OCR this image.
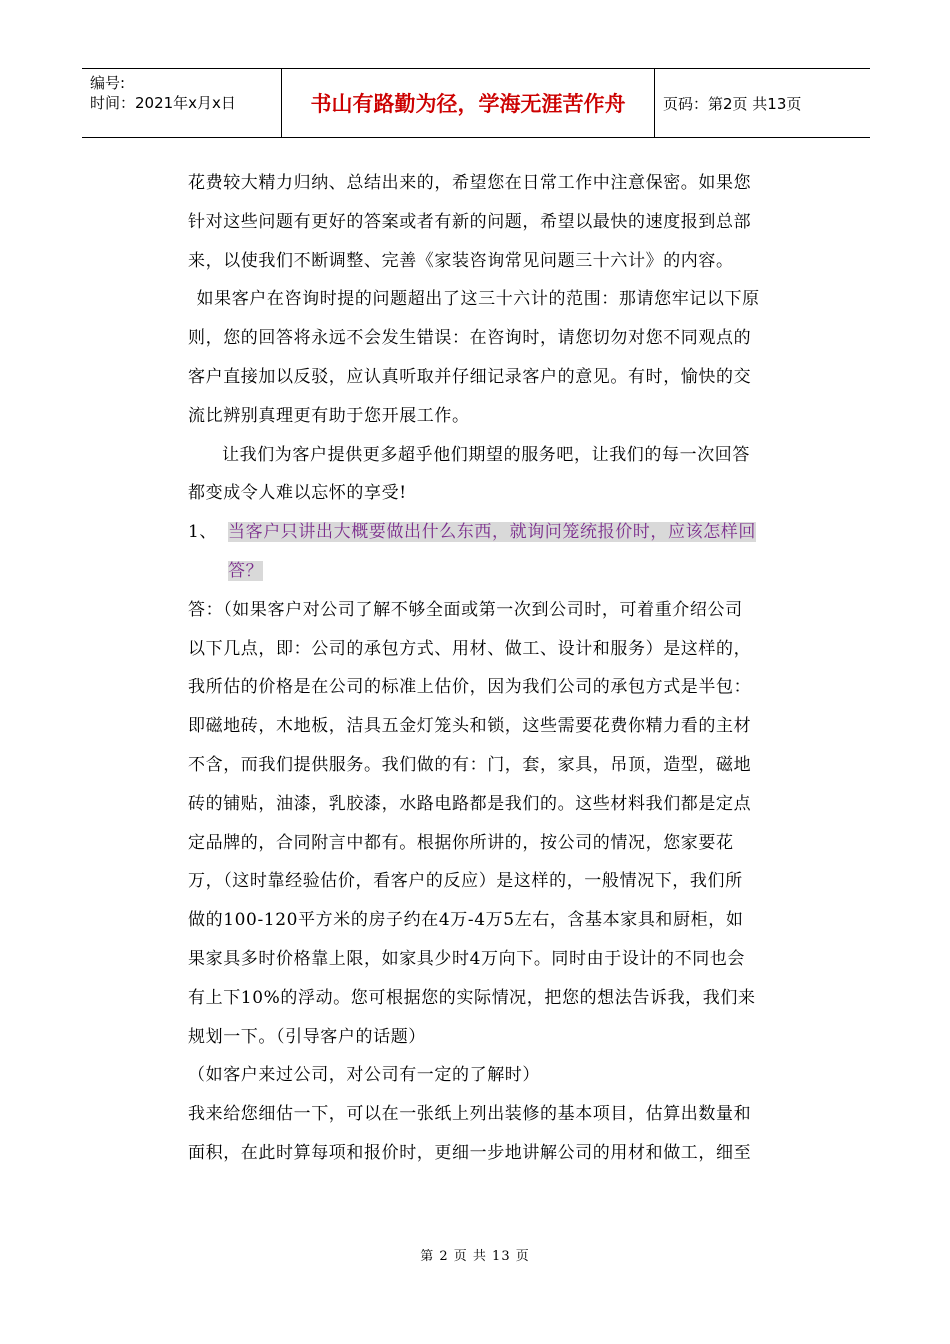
编号:
时间：2021年x月x日	书山有路勤为径，学海无涯苦作舟	页码：第2页 共13页

花费较大精力归纳、总结出来的，希望您在日常工作中注意保密。如果您
针对这些问题有更好的答案或者有新的问题，希望以最快的速度报到总部
来，以使我们不断调整、完善《家装咨询常见问题三十六计》的内容。

如果客户在咨询时提的问题超出了这三十六计的范围：那请您牢记以下原
则，您的回答将永远不会发生错误：在咨询时，请您切勿对您不同观点的
客户直接加以反驳，应认真听取并仔细记录客户的意见。有时，愉快的交
流比辨别真理更有助于您开展工作。

让我们为客户提供更多超乎他们期望的服务吧，让我们的每一次回答
都变成令人难以忘怀的享受!

1、 当客户只讲出大概要做出什么东西，就询问笼统报价时，应该怎样回
答？

答：（如果客户对公司了解不够全面或第一次到公司时，可着重介绍公司
以下几点，即：公司的承包方式、用材、做工、设计和服务）是这样的，
我所估的价格是在公司的标准上估价，因为我们公司的承包方式是半包：
即磁地砖，木地板，洁具五金灯笼头和锁，这些需要花费你精力看的主材
不含，而我们提供服务。我们做的有：门，套，家具，吊顶，造型，磁地
砖的铺贴，油漆，乳胶漆，水路电路都是我们的。这些材料我们都是定点
定品牌的，合同附言中都有。根据你所讲的，按公司的情况，您家要花
万，（这时靠经验估价，看客户的反应）是这样的，一般情况下，我们所
做的100-120平方米的房子约在4万-4万5左右，含基本家具和厨柜，如
果家具多时价格靠上限，如家具少时4万向下。同时由于设计的不同也会
有上下10%的浮动。您可根据您的实际情况，把您的想法告诉我，我们来
规划一下。（引导客户的话题）
（如客户来过公司，对公司有一定的了解时）
我来给您细估一下，可以在一张纸上列出装修的基本项目，估算出数量和
面积，在此时算每项和报价时，更细一步地讲解公司的用材和做工，细至

第 2 页 共 13 页
